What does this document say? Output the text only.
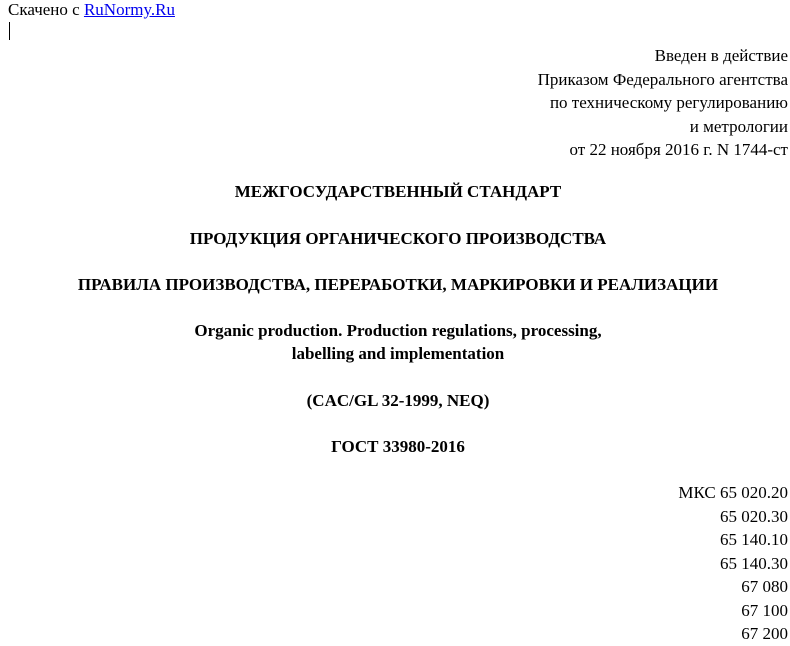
Скачено с RuNormy.Ru
Введен в действие
Приказом Федерального агентства
по техническому регулированию
и метрологии
от 22 ноября 2016 г. N 1744-ст
МЕЖГОСУДАРСТВЕННЫЙ СТАНДАРТ
ПРОДУКЦИЯ ОРГАНИЧЕСКОГО ПРОИЗВОДСТВА
ПРАВИЛА ПРОИЗВОДСТВА, ПЕРЕРАБОТКИ, МАРКИРОВКИ И РЕАЛИЗАЦИИ
Organic production. Production regulations, processing,
labelling and implementation
(CAC/GL 32-1999, NEQ)
ГОСТ 33980-2016
МКС 65 020.20
65 020.30
65 140.10
65 140.30
67 080
67 100
67 200
